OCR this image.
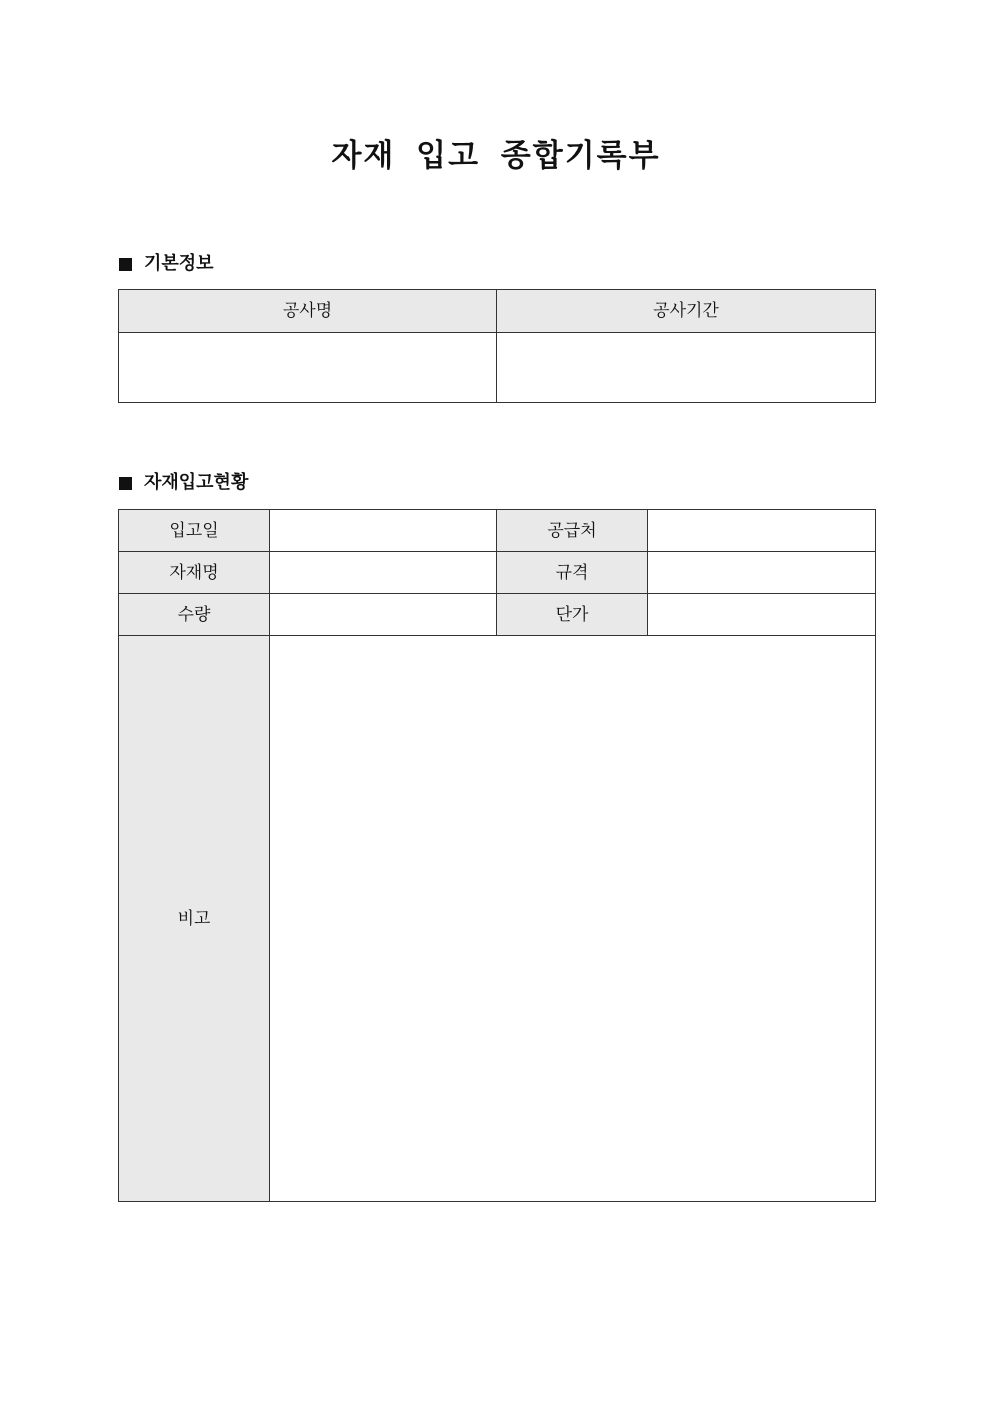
자재 입고 종합기록부
기본정보
공사명	공사기간

자재입고현황
입고일		공급처	
자재명		규격	
수량		단가	
비고			
